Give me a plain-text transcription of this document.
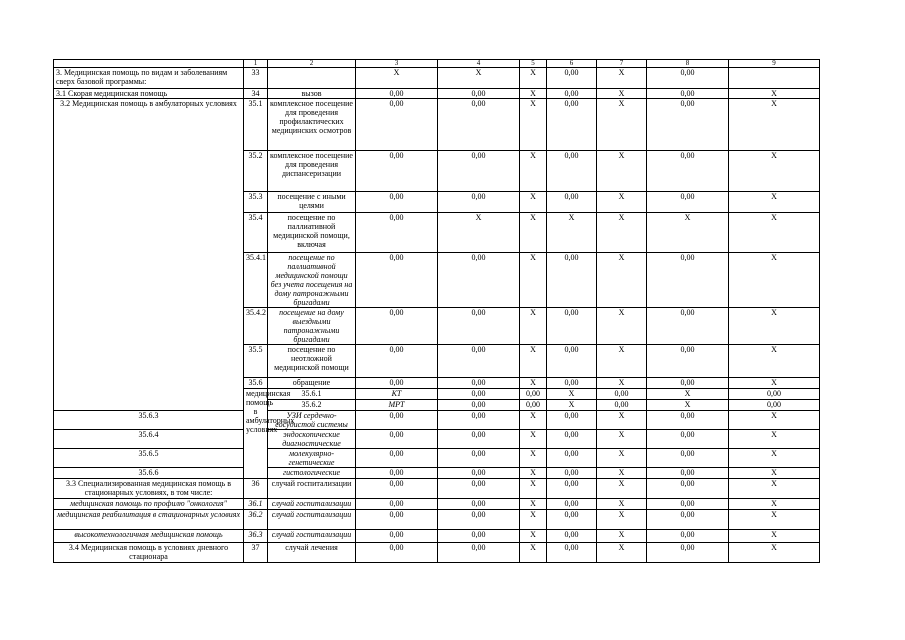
	1	2	3	4	5	6	7	8	9	
3. Медицинская помощь по видам и заболеваниям сверх базовой программы:	33		X	X	X	0,00	X	0,00		
3.1 Скорая медицинская помощь	34	вызов	0,00	0,00	X	0,00	X	0,00	X	
3.2 Медицинская помощь в амбулаторных условиях	35.1	комплексное посещение для проведения профилактических медицинских осмотров	0,00	0,00	X	0,00	X	0,00	X	
	35.2	комплексное посещение для проведения диспансеризации	0,00	0,00	X	0,00	X	0,00	X	
	35.3	посещение с иными целями	0,00	0,00	X	0,00	X	0,00	X	
	35.4	посещение по паллиативной медицинской помощи, включая	0,00	X	X	X	X	X	X	
	35.4.1	посещение по паллиативной медицинской помощи без учета посещения на дому патронажными бригадами	0,00	0,00	X	0,00	X	0,00	X	
	35.4.2	посещение на дому выездными патронажными бригадами	0,00	0,00	X	0,00	X	0,00	X	
	35.5	посещение по неотложной медицинской помощи	0,00	0,00	X	0,00	X	0,00	X	
	35.6	обращение	0,00	0,00	X	0,00	X	0,00	X	
	медицинская помощь в амбулаторных условиях	35.6.1	КТ	0,00	0,00	X	0,00	X	0,00	
		35.6.2	МРТ	0,00	0,00	X	0,00	X	0,00	
35.6.3		УЗИ сердечно-сосудистой системы	0,00	0,00	X	0,00	X	0,00	X	
35.6.4		эндоскопические диагностические	0,00	0,00	X	0,00	X	0,00	X	
35.6.5		молекулярно-генетические	0,00	0,00	X	0,00	X	0,00	X	
35.6.6		гистологические	0,00	0,00	X	0,00	X	0,00	X	
3.3 Специализированная медицинская помощь в стационарных условиях, в том числе:	36	случай госпитализации	0,00	0,00	X	0,00	X	0,00	X	
медицинская помощь по профилю "онкология"	36.1	случай госпитализации	0,00	0,00	X	0,00	X	0,00	X	
медицинская реабилитация в стационарных условиях	36.2	случай госпитализации	0,00	0,00	X	0,00	X	0,00	X	
высокотехнологичная медицинская помощь	36.3	случай госпитализации	0,00	0,00	X	0,00	X	0,00	X	
3.4 Медицинская помощь в условиях дневного стационара	37	случай лечения	0,00	0,00	X	0,00	X	0,00	X	
